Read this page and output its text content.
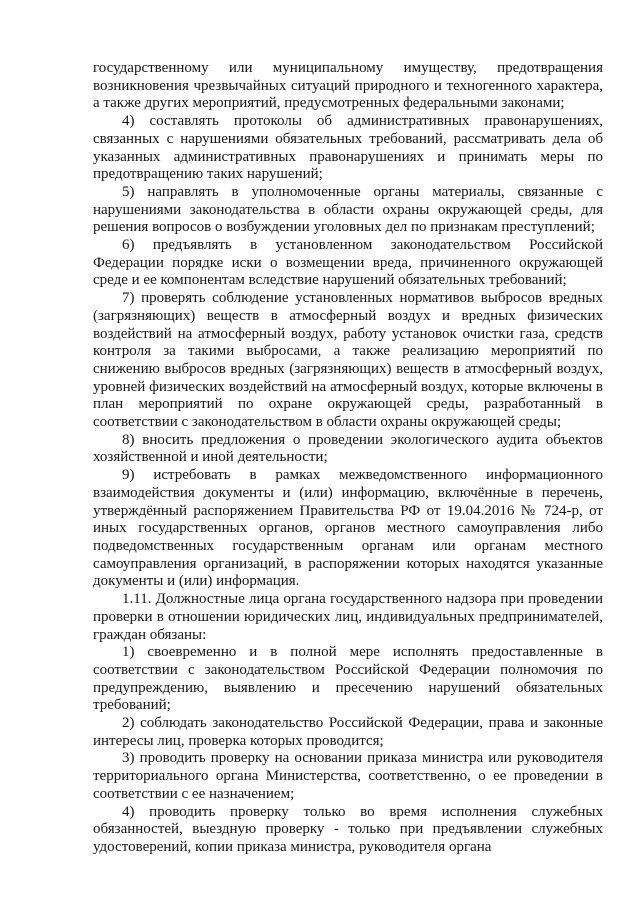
государственному или муниципальному имуществу, предотвращения возникновения чрезвычайных ситуаций природного и техногенного характера, а также других мероприятий, предусмотренных федеральными законами;

4) составлять протоколы об административных правонарушениях, связанных с нарушениями обязательных требований, рассматривать дела об указанных административных правонарушениях и принимать меры по предотвращению таких нарушений;

5) направлять в уполномоченные органы материалы, связанные с нарушениями законодательства в области охраны окружающей среды, для решения вопросов о возбуждении уголовных дел по признакам преступлений;

6) предъявлять в установленном законодательством Российской Федерации порядке иски о возмещении вреда, причиненного окружающей среде и ее компонентам вследствие нарушений обязательных требований;

7) проверять соблюдение установленных нормативов выбросов вредных (загрязняющих) веществ в атмосферный воздух и вредных физических воздействий на атмосферный воздух, работу установок очистки газа, средств контроля за такими выбросами, а также реализацию мероприятий по снижению выбросов вредных (загрязняющих) веществ в атмосферный воздух, уровней физических воздействий на атмосферный воздух, которые включены в план мероприятий по охране окружающей среды, разработанный в соответствии с законодательством в области охраны окружающей среды;

8) вносить предложения о проведении экологического аудита объектов хозяйственной и иной деятельности;

9) истребовать в рамках межведомственного информационного взаимодействия документы и (или) информацию, включённые в перечень, утверждённый распоряжением Правительства РФ от 19.04.2016 № 724-р, от иных государственных органов, органов местного самоуправления либо подведомственных государственным органам или органам местного самоуправления организаций, в распоряжении которых находятся указанные документы и (или) информация.

1.11. Должностные лица органа государственного надзора при проведении проверки в отношении юридических лиц, индивидуальных предпринимателей, граждан обязаны:

1) своевременно и в полной мере исполнять предоставленные в соответствии с законодательством Российской Федерации полномочия по предупреждению, выявлению и пресечению нарушений обязательных требований;

2) соблюдать законодательство Российской Федерации, права и законные интересы лиц, проверка которых проводится;

3) проводить проверку на основании приказа министра или руководителя территориального органа Министерства, соответственно, о ее проведении в соответствии с ее назначением;

4) проводить проверку только во время исполнения служебных обязанностей, выездную проверку - только при предъявлении служебных удостоверений, копии приказа министра, руководителя органа
